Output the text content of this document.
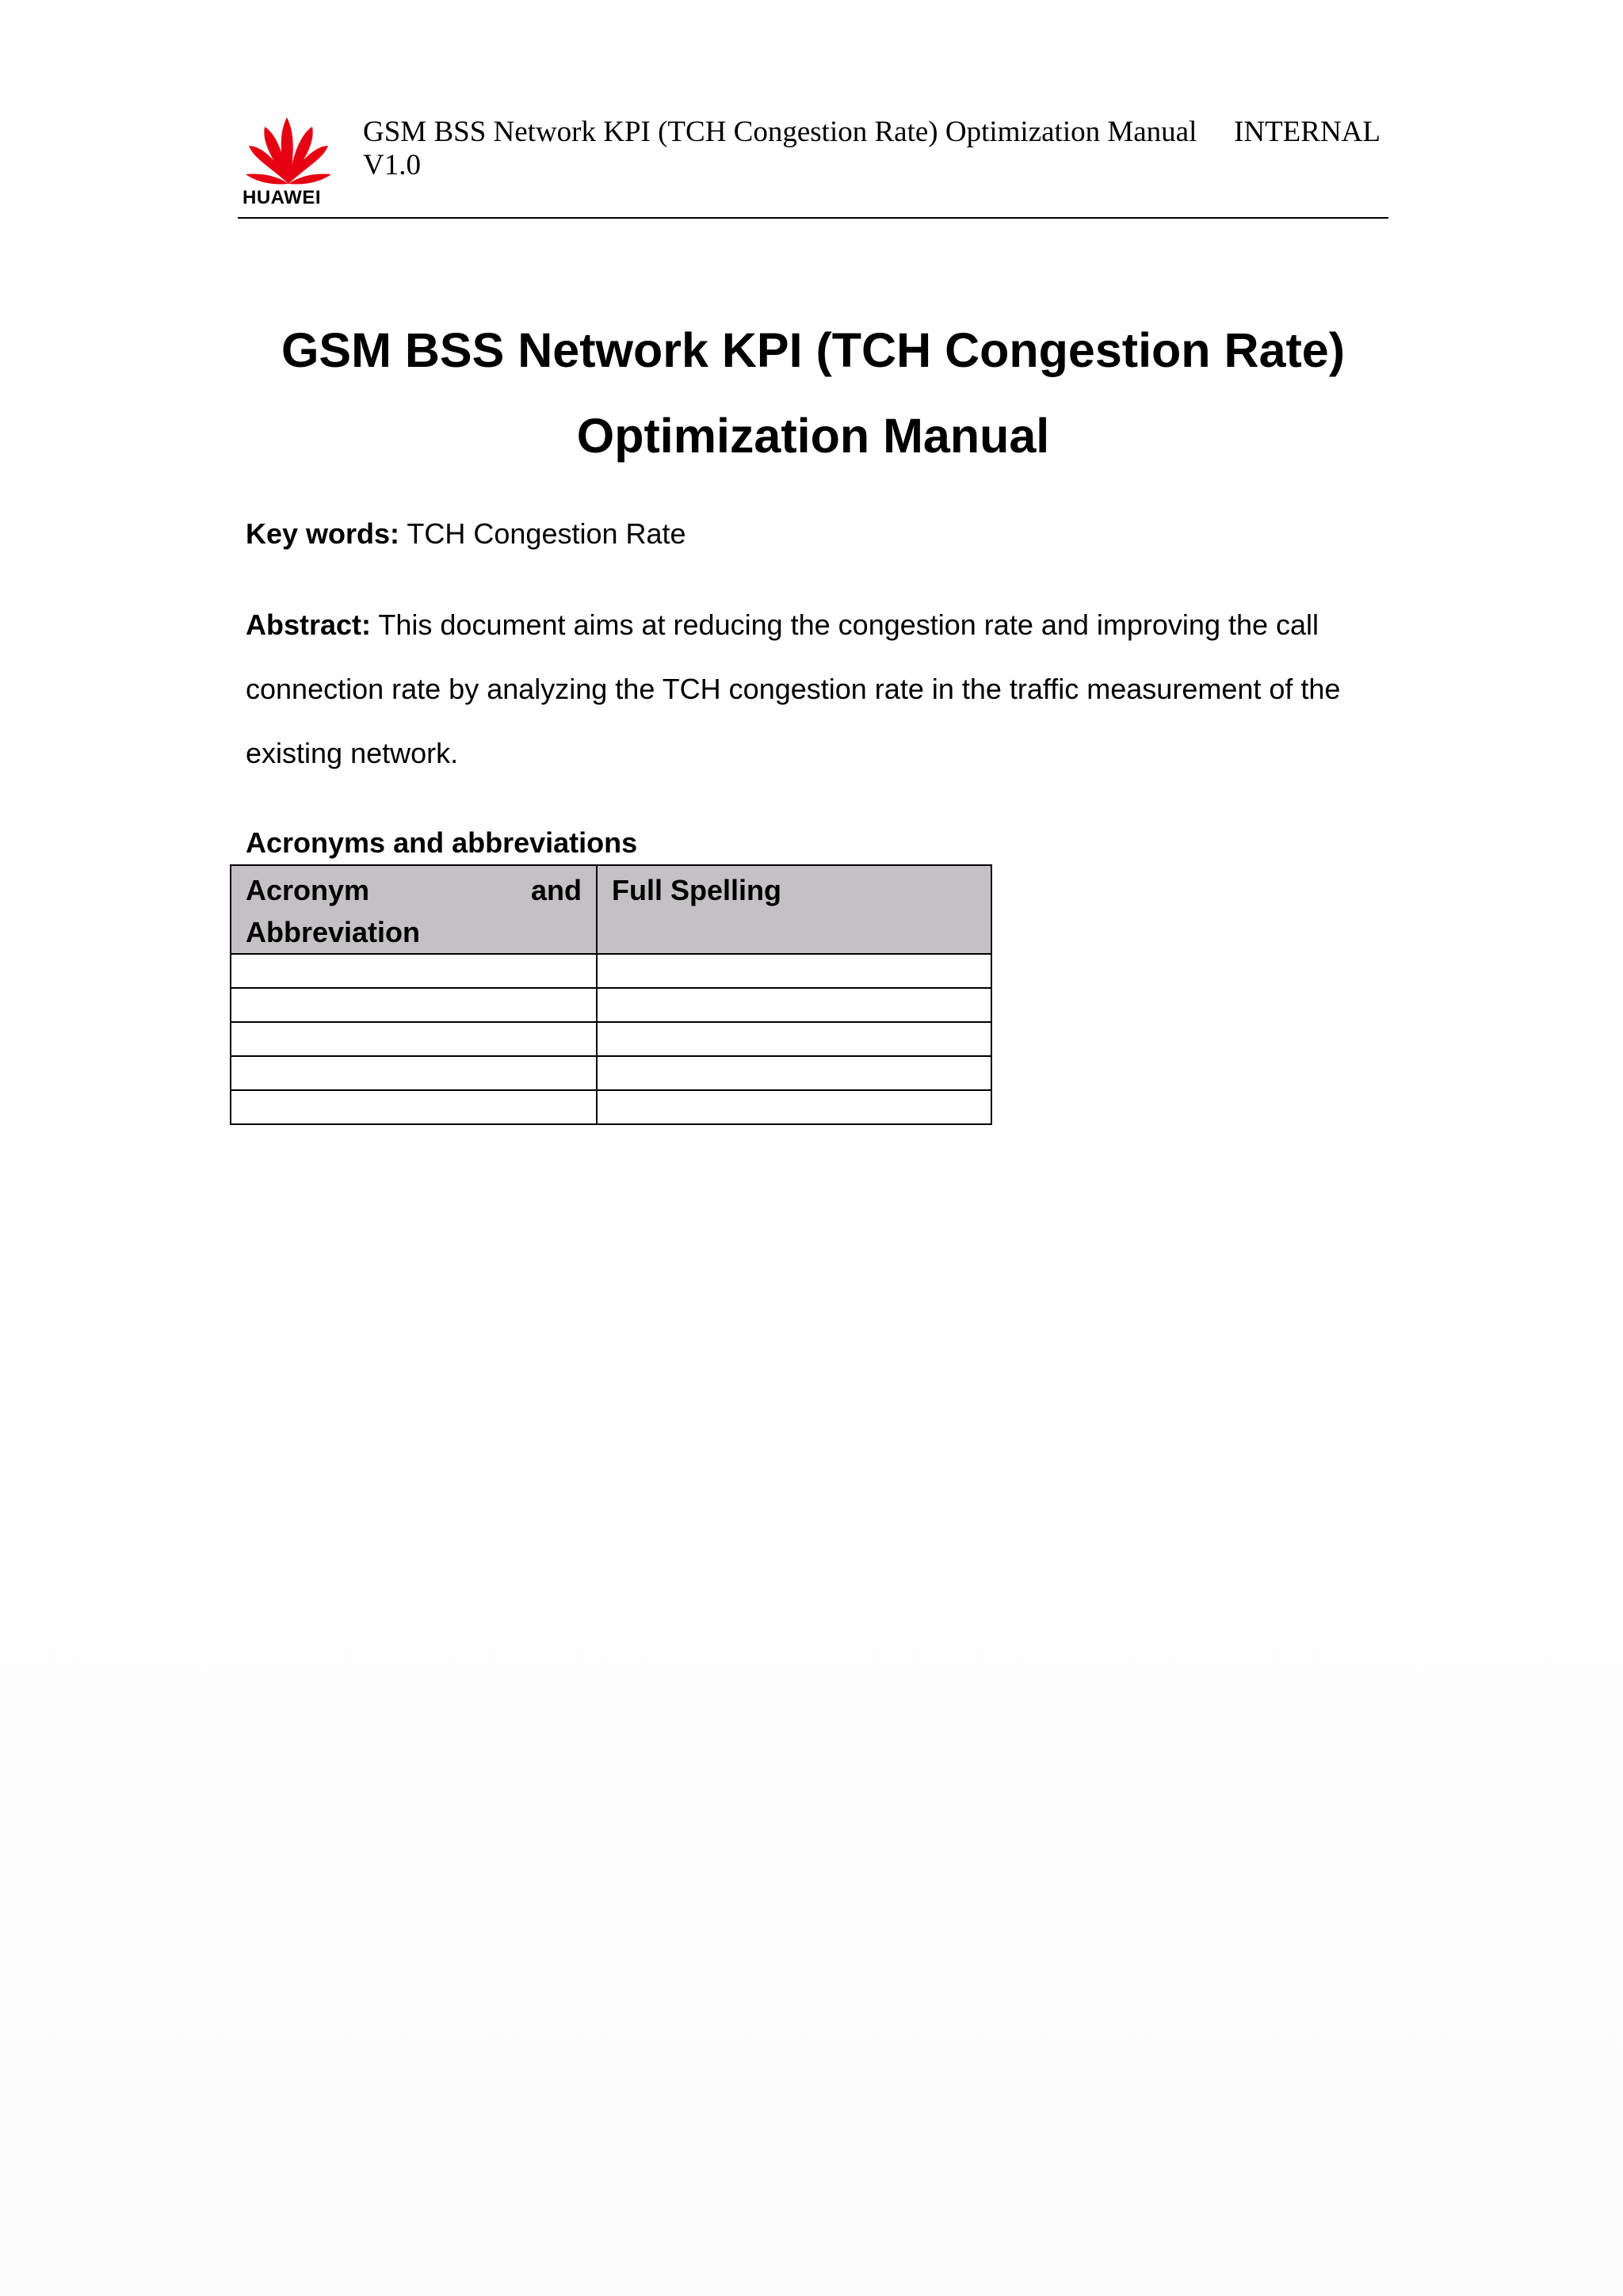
HUAWEI
GSM BSS Network KPI (TCH Congestion Rate) Optimization Manual
V1.0
INTERNAL
GSM BSS Network KPI (TCH Congestion Rate)
Optimization Manual
Key words: TCH Congestion Rate
Abstract: This document aims at reducing the congestion rate and improving the call connection rate by analyzing the TCH congestion rate in the traffic measurement of the existing network.
Acronyms and abbreviations
Acronym and
Abbreviation	Full Spelling
